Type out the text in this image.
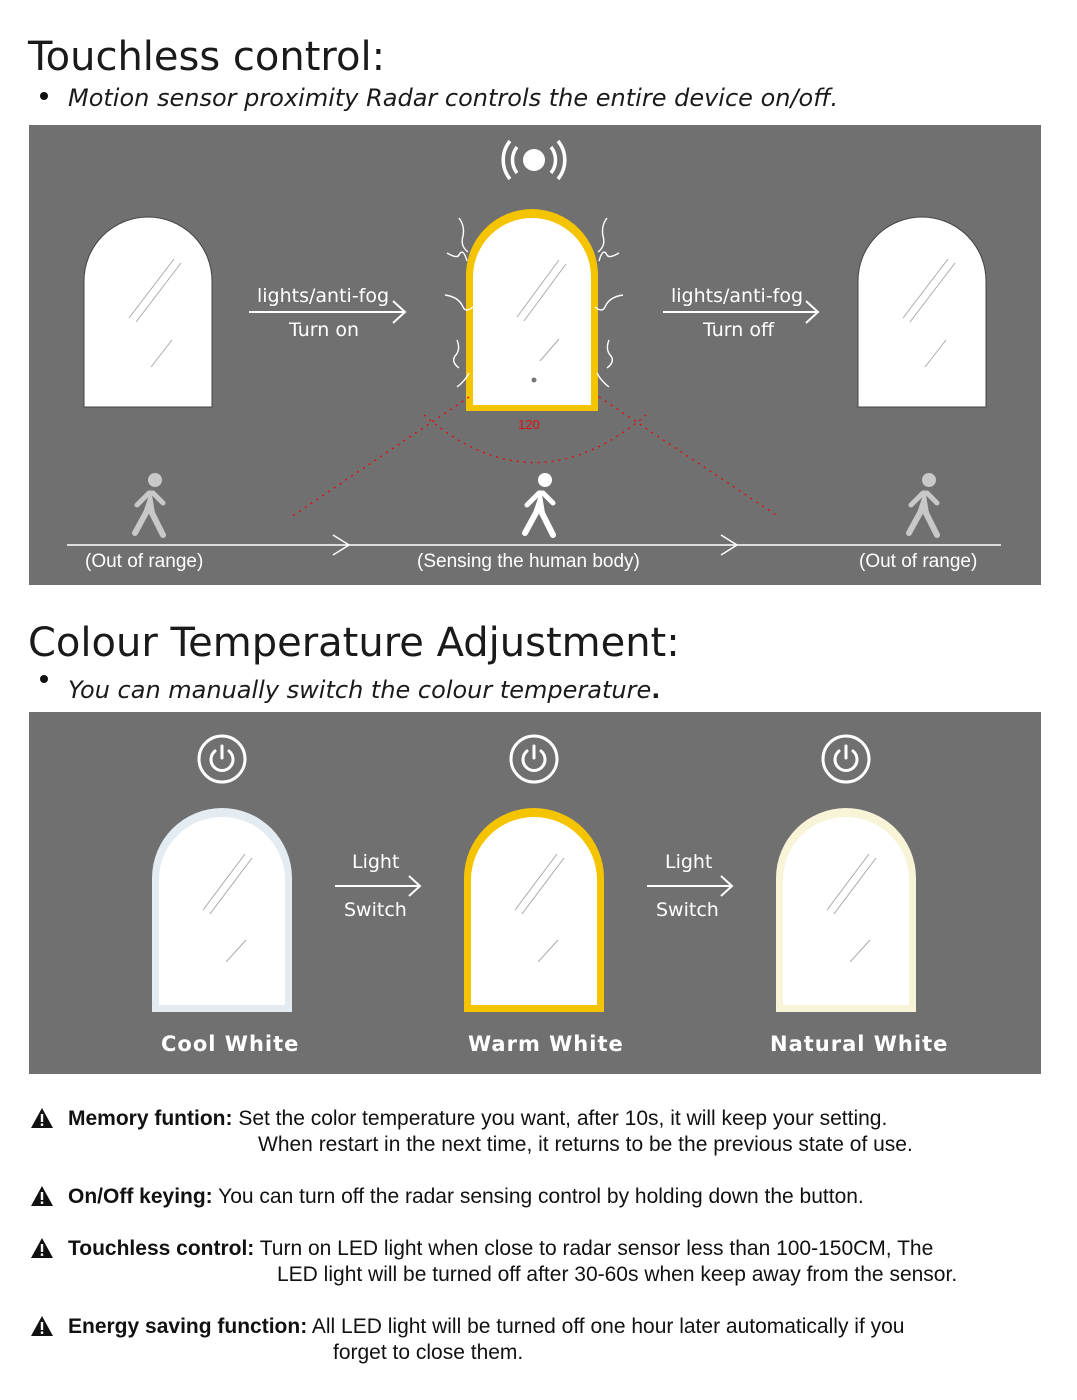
Touchless control:
Motion sensor proximity Radar controls the entire device on/off.
lights/anti-fog
Turn on
lights/anti-fog
Turn off
120
(Out of range)	(Sensing the human body)	(Out of range)
Colour Temperature Adjustment:
You can manually switch the colour temperature.
Light
Switch
Light
Switch
Cool White	Warm White	Natural White
Memory funtion: Set the color temperature you want, after 10s, it will keep your setting.
When restart in the next time, it returns to be the previous state of use.
On/Off keying: You can turn off the radar sensing control by holding down the button.
Touchless control: Turn on LED light when close to radar sensor less than 100-150CM, The
LED light will be turned off after 30-60s when keep away from the sensor.
Energy saving function: All LED light will be turned off one hour later automatically if you
forget to close them.
